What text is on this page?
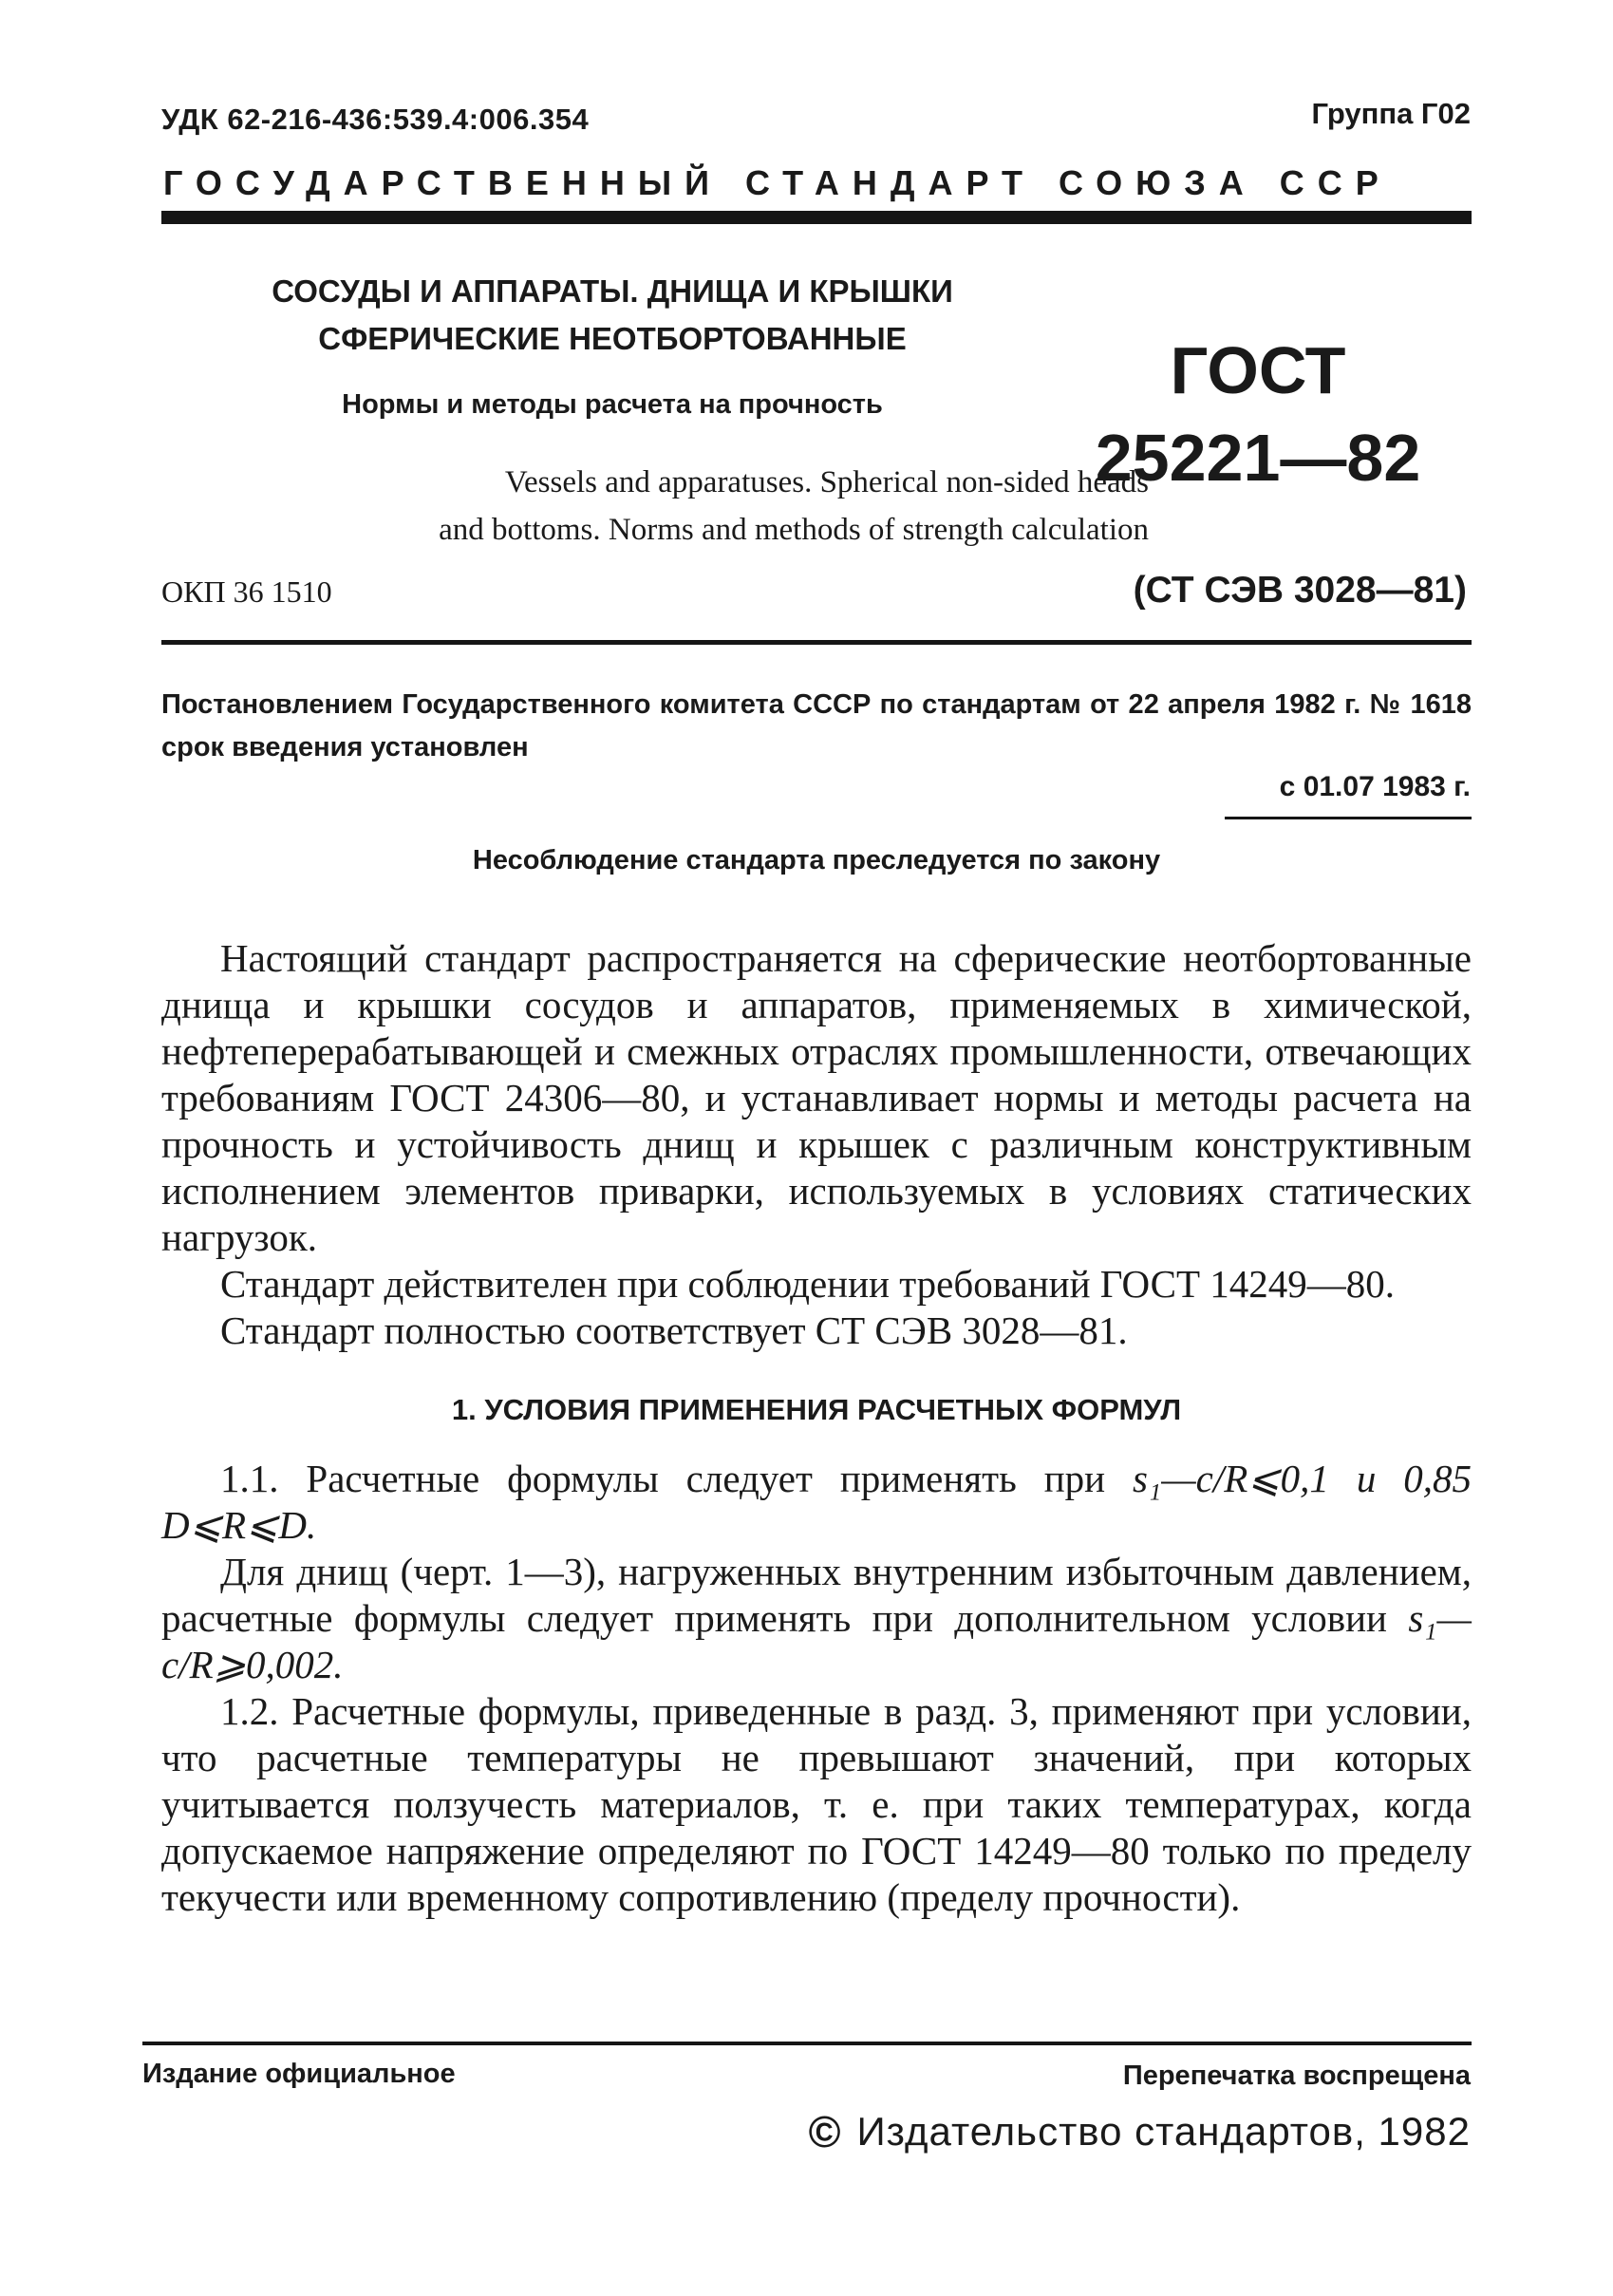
УДК 62-216-436:539.4:006.354	Группа Г02
ГОСУДАРСТВЕННЫЙ СТАНДАРТ СОЮЗА ССР
СОСУДЫ И АППАРАТЫ. ДНИЩА И КРЫШКИ
СФЕРИЧЕСКИЕ НЕОТБОРТОВАННЫЕ
Нормы и методы расчета на прочность
Vessels and apparatuses. Spherical non-sided heads
and bottoms. Norms and methods of strength calculation
ГОСТ
25221—82
ОКП 36 1510	(СТ СЭВ 3028—81)
Постановлением Государственного комитета СССР по стандартам от 22 апреля 1982 г. № 1618 срок введения установлен
с 01.07 1983 г.
Несоблюдение стандарта преследуется по закону

Настоящий стандарт распространяется на сферические неотбортованные днища и крышки сосудов и аппаратов, применяемых в химической, нефтеперерабатывающей и смежных отраслях промышленности, отвечающих требованиям ГОСТ 24306—80, и устанавливает нормы и методы расчета на прочность и устойчивость днищ и крышек с различным конструктивным исполнением элементов приварки, используемых в условиях статических нагрузок.

Стандарт действителен при соблюдении требований ГОСТ 14249—80.

Стандарт полностью соответствует СТ СЭВ 3028—81.

1. УСЛОВИЯ ПРИМЕНЕНИЯ РАСЧЕТНЫХ ФОРМУЛ

1.1. Расчетные формулы следует применять при s₁—c/R⩽0,1 и 0,85 D⩽R⩽D.

Для днищ (черт. 1—3), нагруженных внутренним избыточным давлением, расчетные формулы следует применять при дополнительном условии s₁—c/R⩾0,002.

1.2. Расчетные формулы, приведенные в разд. 3, применяют при условии, что расчетные температуры не превышают значений, при которых учитывается ползучесть материалов, т. е. при таких температурах, когда допускаемое напряжение определяют по ГОСТ 14249—80 только по пределу текучести или временному сопротивлению (пределу прочности).

Издание официальное	Перепечатка воспрещена
© Издательство стандартов, 1982
